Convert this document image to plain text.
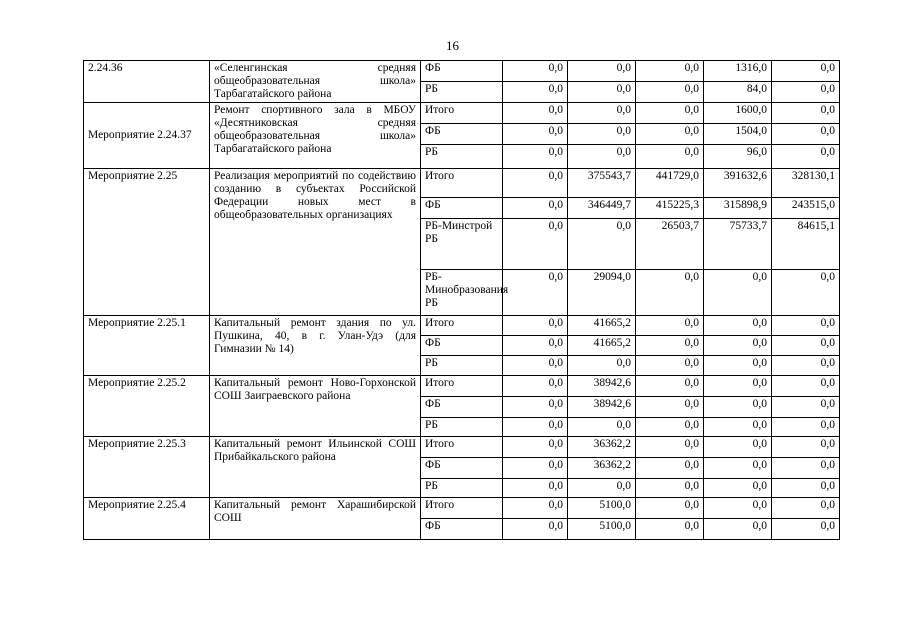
16
2.24.36	«Селенгинская средняя общеобразовательная школа» Тарбагатайского района	ФБ	0,0	0,0	0,0	1316,0	0,0
		РБ	0,0	0,0	0,0	84,0	0,0
Мероприятие 2.24.37	Ремонт спортивного зала в МБОУ «Десятниковская средняя общеобразовательная школа» Тарбагатайского района	Итого	0,0	0,0	0,0	1600,0	0,0
		ФБ	0,0	0,0	0,0	1504,0	0,0
		РБ	0,0	0,0	0,0	96,0	0,0
Мероприятие 2.25	Реализация мероприятий по содействию созданию в субъектах Российской Федерации новых мест в общеобразовательных организациях	Итого	0,0	375543,7	441729,0	391632,6	328130,1
		ФБ	0,0	346449,7	415225,3	315898,9	243515,0
		РБ-Минстрой РБ	0,0	0,0	26503,7	75733,7	84615,1
		РБ-Минобразования РБ	0,0	29094,0	0,0	0,0	0,0
Мероприятие 2.25.1	Капитальный ремонт здания по ул. Пушкина, 40, в г. Улан-Удэ (для Гимназии № 14)	Итого	0,0	41665,2	0,0	0,0	0,0
		ФБ	0,0	41665,2	0,0	0,0	0,0
		РБ	0,0	0,0	0,0	0,0	0,0
Мероприятие 2.25.2	Капитальный ремонт Ново-Горхонской СОШ Заиграевского района	Итого	0,0	38942,6	0,0	0,0	0,0
		ФБ	0,0	38942,6	0,0	0,0	0,0
		РБ	0,0	0,0	0,0	0,0	0,0
Мероприятие 2.25.3	Капитальный ремонт Ильинской СОШ Прибайкальского района	Итого	0,0	36362,2	0,0	0,0	0,0
		ФБ	0,0	36362,2	0,0	0,0	0,0
		РБ	0,0	0,0	0,0	0,0	0,0
Мероприятие 2.25.4	Капитальный ремонт Харашибирской СОШ	Итого	0,0	5100,0	0,0	0,0	0,0
		ФБ	0,0	5100,0	0,0	0,0	0,0
